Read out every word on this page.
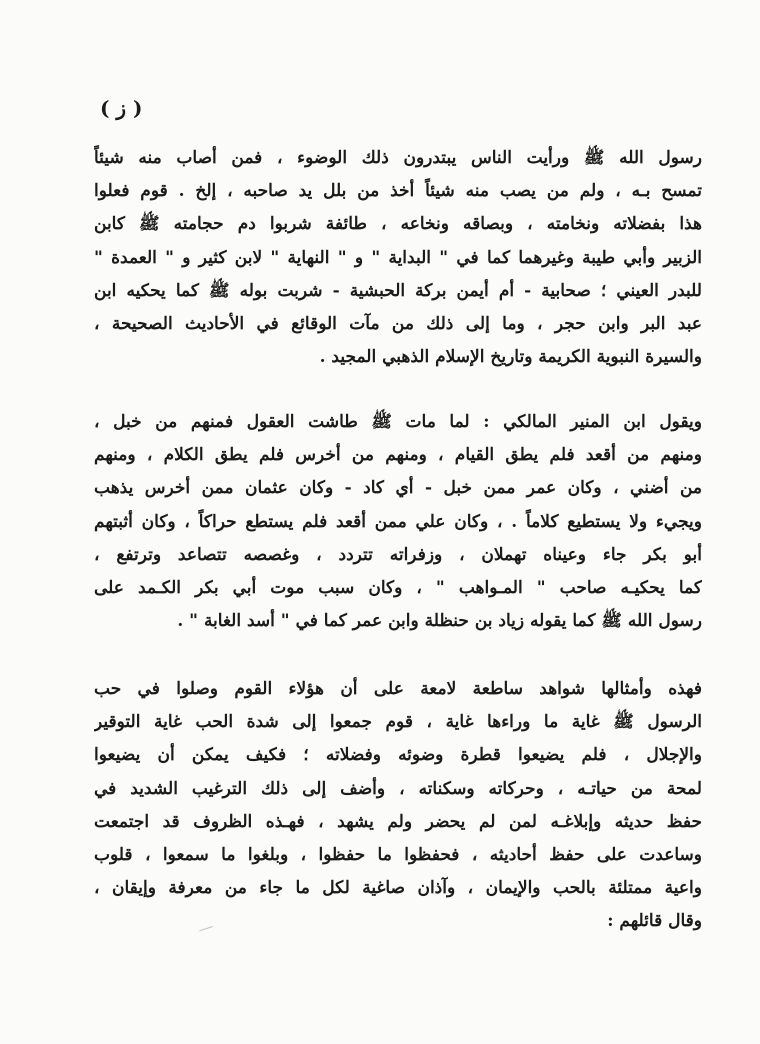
( ز )
رسول الله ﷺ ورأيت الناس يبتدرون ذلك الوضوء ، فمن أصاب منه شيئاً
تمسح بـه ، ولم من يصب منه شيئاً أخذ من بلل يد صاحبه ، إلخ . قوم فعلوا
هذا بفضلاته ونخامته ، وبصاقه ونخاعه ، طائفة شربوا دم حجامته ﷺ كابن
الزبير وأبي طيبة وغيرهما كما في " البداية " و " النهاية " لابن كثير و " العمدة "
للبدر العيني ؛ صحابية - أم أيمن بركة الحبشية - شربت بوله ﷺ كما يحكيه ابن
عبد البر وابن حجر ، وما إلى ذلك من مآت الوقائع في الأحاديث الصحيحة ،
والسيرة النبوية الكريمة وتاريخ الإسلام الذهبي المجيد .
ويقول ابن المنير المالكي : لما مات ﷺ طاشت العقول فمنهم من خبل ،
ومنهم من أقعد فلم يطق القيام ، ومنهم من أخرس فلم يطق الكلام ، ومنهم
من أضني ، وكان عمر ممن خبل - أي كاد - وكان عثمان ممن أخرس يذهب
ويجيء ولا يستطيع كلاماً . ، وكان علي ممن أقعد فلم يستطع حراكاً ، وكان أثبتهم
أبو بكر جاء وعيناه تهملان ، وزفراته تتردد ، وغصصه تتصاعد وترتفع ،
كما يحكيـه صاحب " المـواهب " ، وكان سبب موت أبي بكر الكـمد على
رسول الله ﷺ كما يقوله زياد بن حنظلة وابن عمر كما في " أسد الغابة " .
فهذه وأمثالها شواهد ساطعة لامعة على أن هؤلاء القوم وصلوا في حب
الرسول ﷺ غاية ما وراءها غاية ، قوم جمعوا إلى شدة الحب غاية التوقير
والإجلال ، فلم يضيعوا قطرة وضوئه وفضلاته ؛ فكيف يمكن أن يضيعوا
لمحة من حياتـه ، وحركاته وسكناته ، وأضف إلى ذلك الترغيب الشديد في
حفظ حديثه وإبلاغـه لمن لم يحضر ولم يشهد ، فهـذه الظروف قد اجتمعت
وساعدت على حفظ أحاديثه ، فحفظوا ما حفظوا ، وبلغوا ما سمعوا ، قلوب
واعية ممتلئة بالحب والإيمان ، وآذان صاغية لكل ما جاء من معرفة وإيقان ،
وقال قائلهم :
